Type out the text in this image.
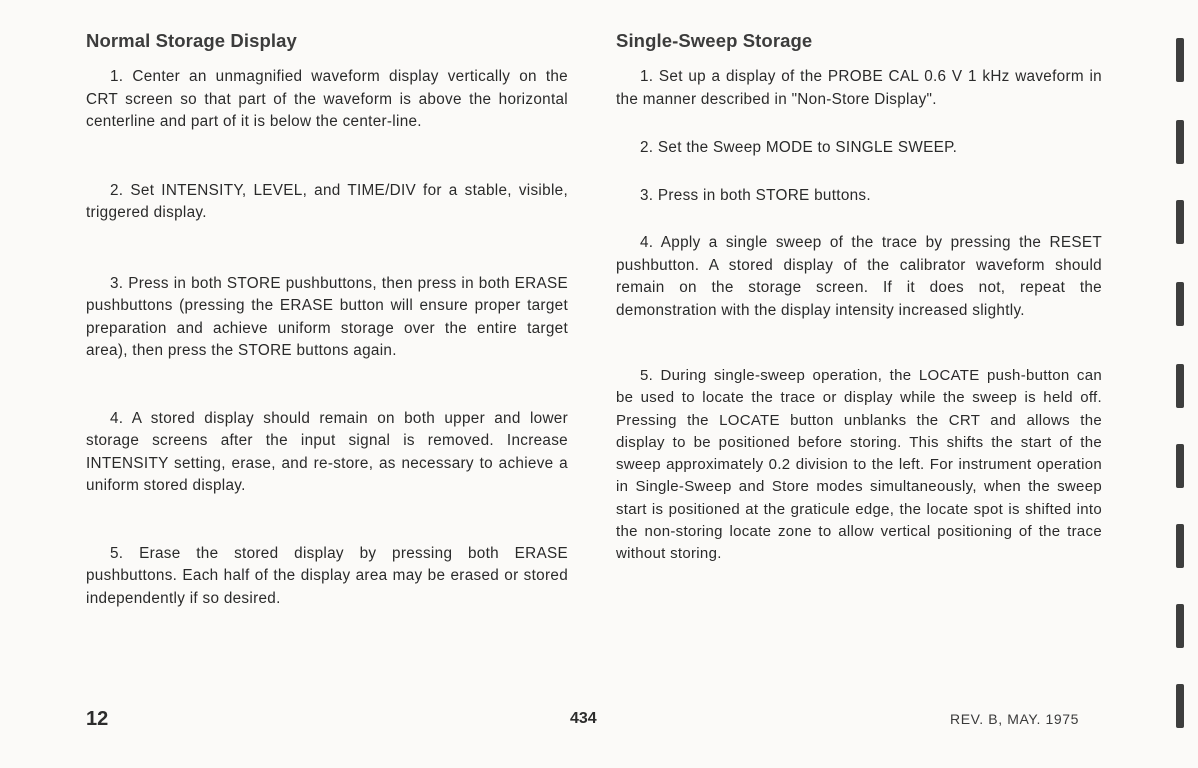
Normal Storage Display

1. Center an unmagnified waveform display vertically on the CRT screen so that part of the waveform is above the horizontal centerline and part of it is below the center-line.

2. Set INTENSITY, LEVEL, and TIME/DIV for a stable, visible, triggered display.

3. Press in both STORE pushbuttons, then press in both ERASE pushbuttons (pressing the ERASE button will ensure proper target preparation and achieve uniform storage over the entire target area), then press the STORE buttons again.

4. A stored display should remain on both upper and lower storage screens after the input signal is removed. Increase INTENSITY setting, erase, and re-store, as necessary to achieve a uniform stored display.

5. Erase the stored display by pressing both ERASE pushbuttons. Each half of the display area may be erased or stored independently if so desired.

Single-Sweep Storage

1. Set up a display of the PROBE CAL 0.6 V 1 kHz waveform in the manner described in "Non-Store Display".

2. Set the Sweep MODE to SINGLE SWEEP.

3. Press in both STORE buttons.

4. Apply a single sweep of the trace by pressing the RESET pushbutton. A stored display of the calibrator waveform should remain on the storage screen. If it does not, repeat the demonstration with the display intensity increased slightly.

5. During single-sweep operation, the LOCATE push-button can be used to locate the trace or display while the sweep is held off. Pressing the LOCATE button unblanks the CRT and allows the display to be positioned before storing. This shifts the start of the sweep approximately 0.2 division to the left. For instrument operation in Single-Sweep and Store modes simultaneously, when the sweep start is positioned at the graticule edge, the locate spot is shifted into the non-storing locate zone to allow vertical positioning of the trace without storing.

12	434	REV. B, MAY. 1975
